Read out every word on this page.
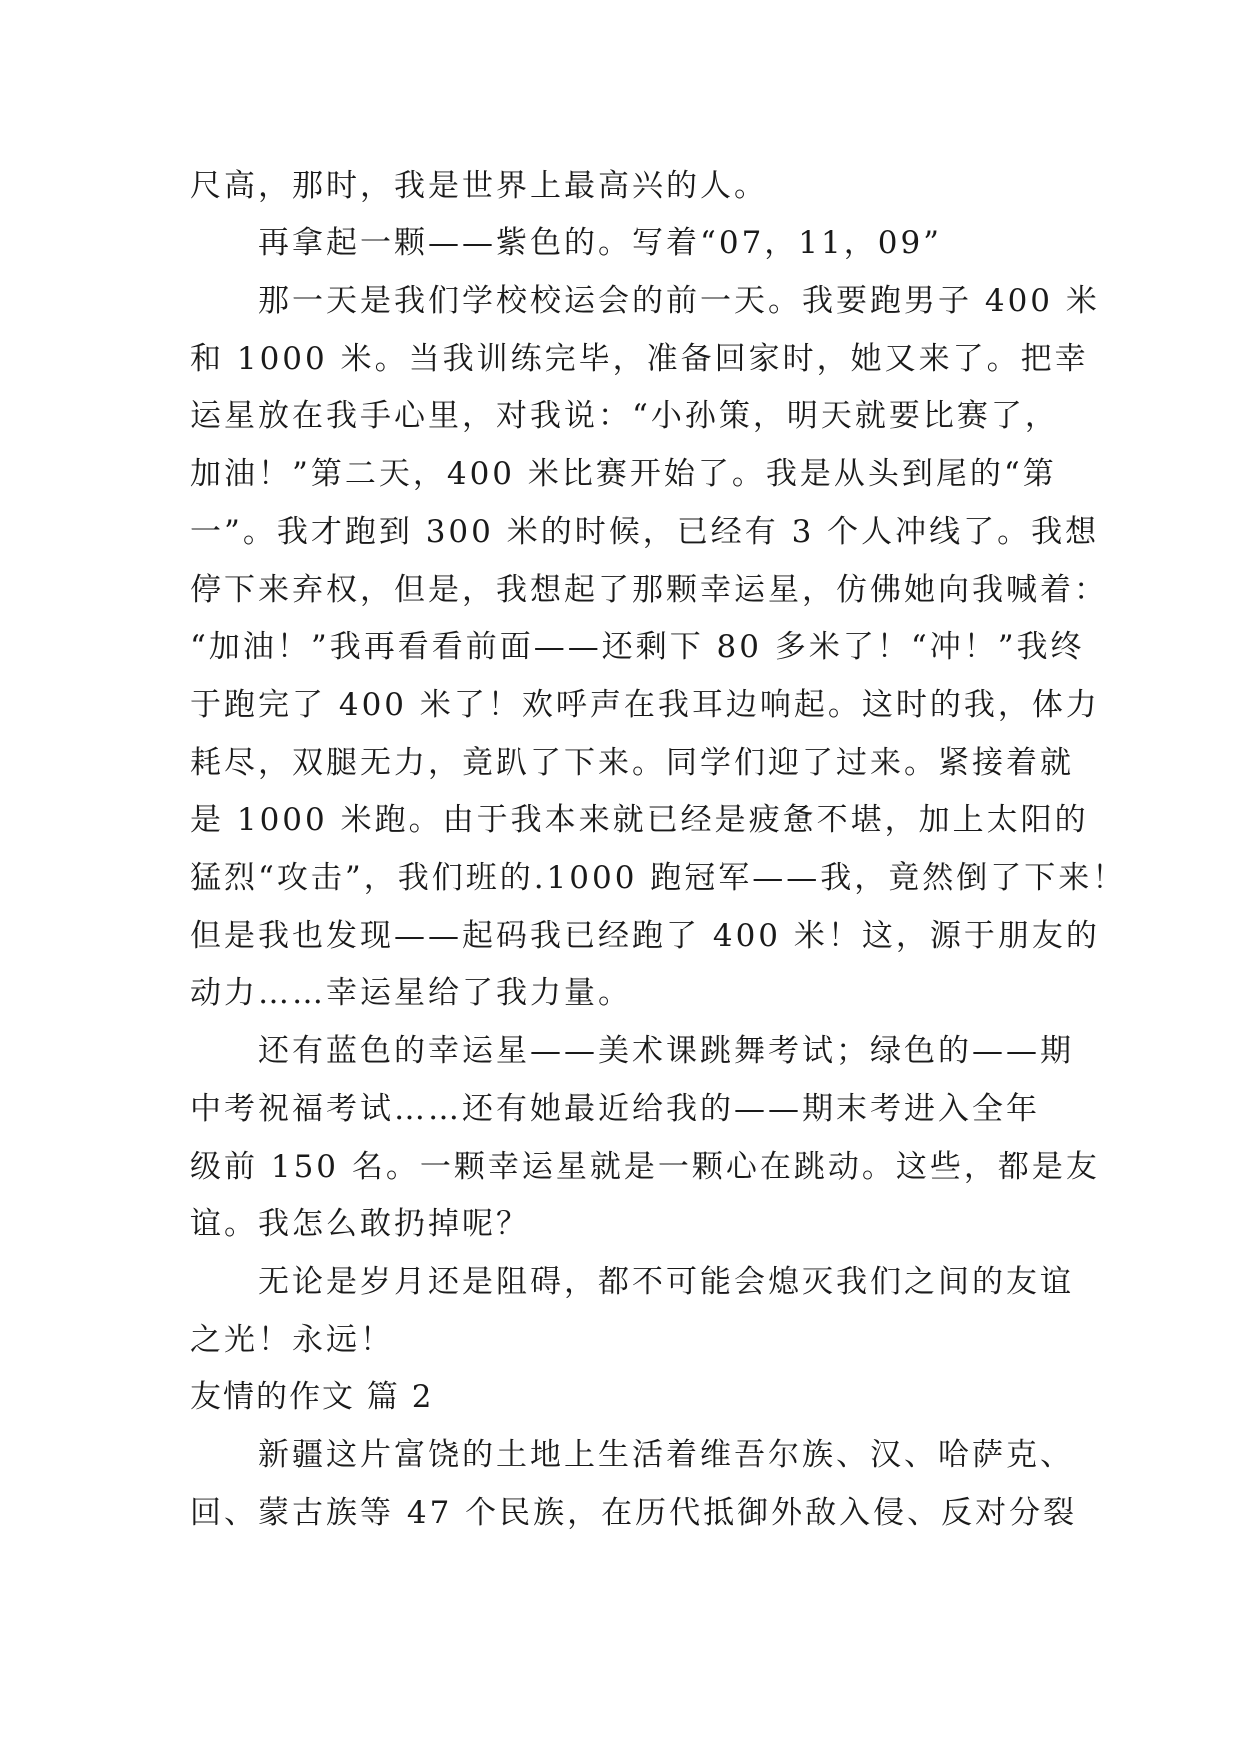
尺高，那时，我是世界上最高兴的人。

再拿起一颗——紫色的。写着“07，11，09”

那一天是我们学校校运会的前一天。我要跑男子 400 米

和 1000 米。当我训练完毕，准备回家时，她又来了。把幸

运星放在我手心里，对我说：“小孙策，明天就要比赛了，

加油！”第二天，400 米比赛开始了。我是从头到尾的“第

一”。我才跑到 300 米的时候，已经有 3 个人冲线了。我想

停下来弃权，但是，我想起了那颗幸运星，仿佛她向我喊着：

“加油！”我再看看前面——还剩下 80 多米了！“冲！”我终

于跑完了 400 米了！欢呼声在我耳边响起。这时的我，体力

耗尽，双腿无力，竟趴了下来。同学们迎了过来。紧接着就

是 1000 米跑。由于我本来就已经是疲惫不堪，加上太阳的

猛烈“攻击”，我们班的.1000 跑冠军——我，竟然倒了下来！

但是我也发现——起码我已经跑了 400 米！这，源于朋友的

动力……幸运星给了我力量。

还有蓝色的幸运星——美术课跳舞考试；绿色的——期

中考祝福考试……还有她最近给我的——期末考进入全年

级前 150 名。一颗幸运星就是一颗心在跳动。这些，都是友

谊。我怎么敢扔掉呢？

无论是岁月还是阻碍，都不可能会熄灭我们之间的友谊

之光！永远！

友情的作文 篇 2

新疆这片富饶的土地上生活着维吾尔族、汉、哈萨克、

回、蒙古族等 47 个民族，在历代抵御外敌入侵、反对分裂
